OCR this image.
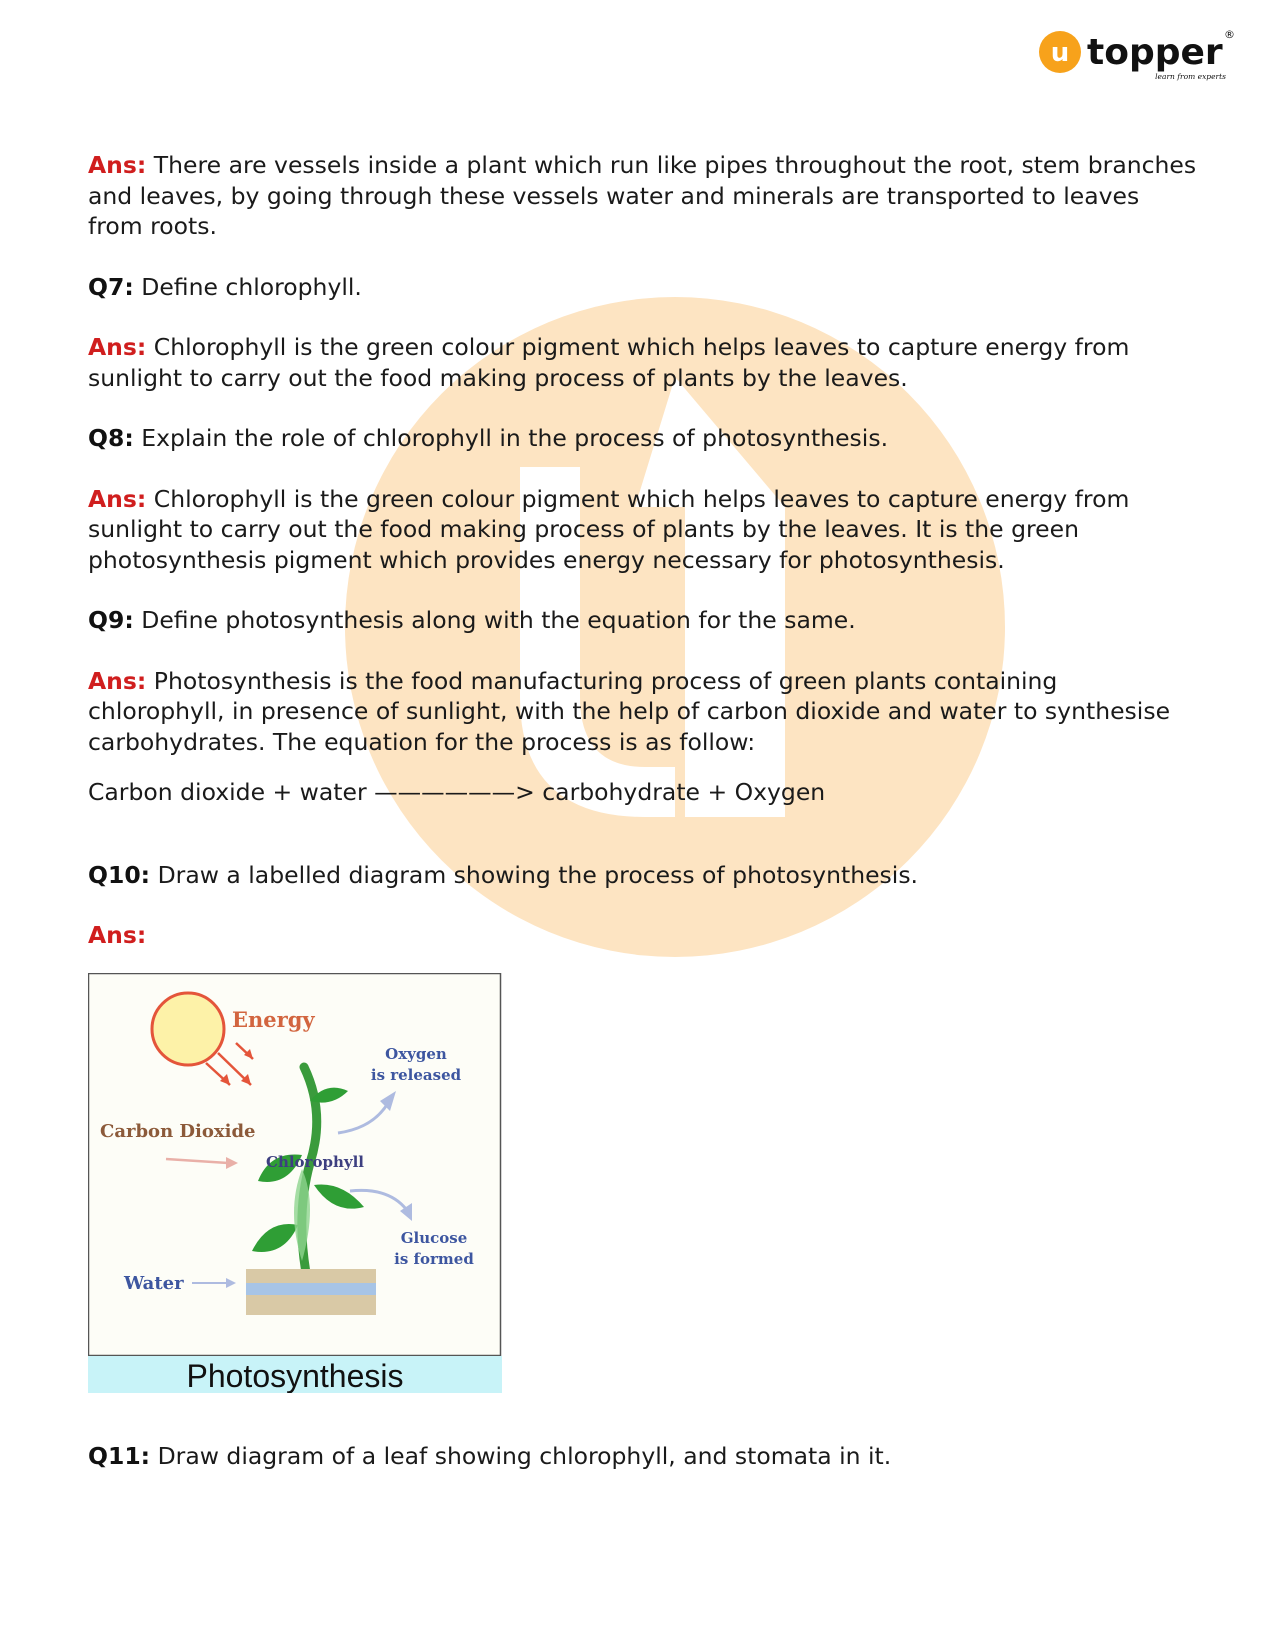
u topper ®
learn from experts

Ans: There are vessels inside a plant which run like pipes throughout the root, stem branches and leaves, by going through these vessels water and minerals are transported to leaves from roots.

Q7: Define chlorophyll.

Ans: Chlorophyll is the green colour pigment which helps leaves to capture energy from sunlight to carry out the food making process of plants by the leaves.

Q8: Explain the role of chlorophyll in the process of photosynthesis.

Ans: Chlorophyll is the green colour pigment which helps leaves to capture energy from sunlight to carry out the food making process of plants by the leaves. It is the green photosynthesis pigment which provides energy necessary for photosynthesis.

Q9: Define photosynthesis along with the equation for the same.

Ans: Photosynthesis is the food manufacturing process of green plants containing chlorophyll, in presence of sunlight, with the help of carbon dioxide and water to synthesise carbohydrates. The equation for the process is as follow:

Carbon dioxide + water ——————> carbohydrate + Oxygen

Q10: Draw a labelled diagram showing the process of photosynthesis.

Ans:

Energy
Oxygen
is released
Carbon Dioxide
Chlorophyll
Glucose
is formed
Water
Photosynthesis

Q11: Draw diagram of a leaf showing chlorophyll, and stomata in it.
